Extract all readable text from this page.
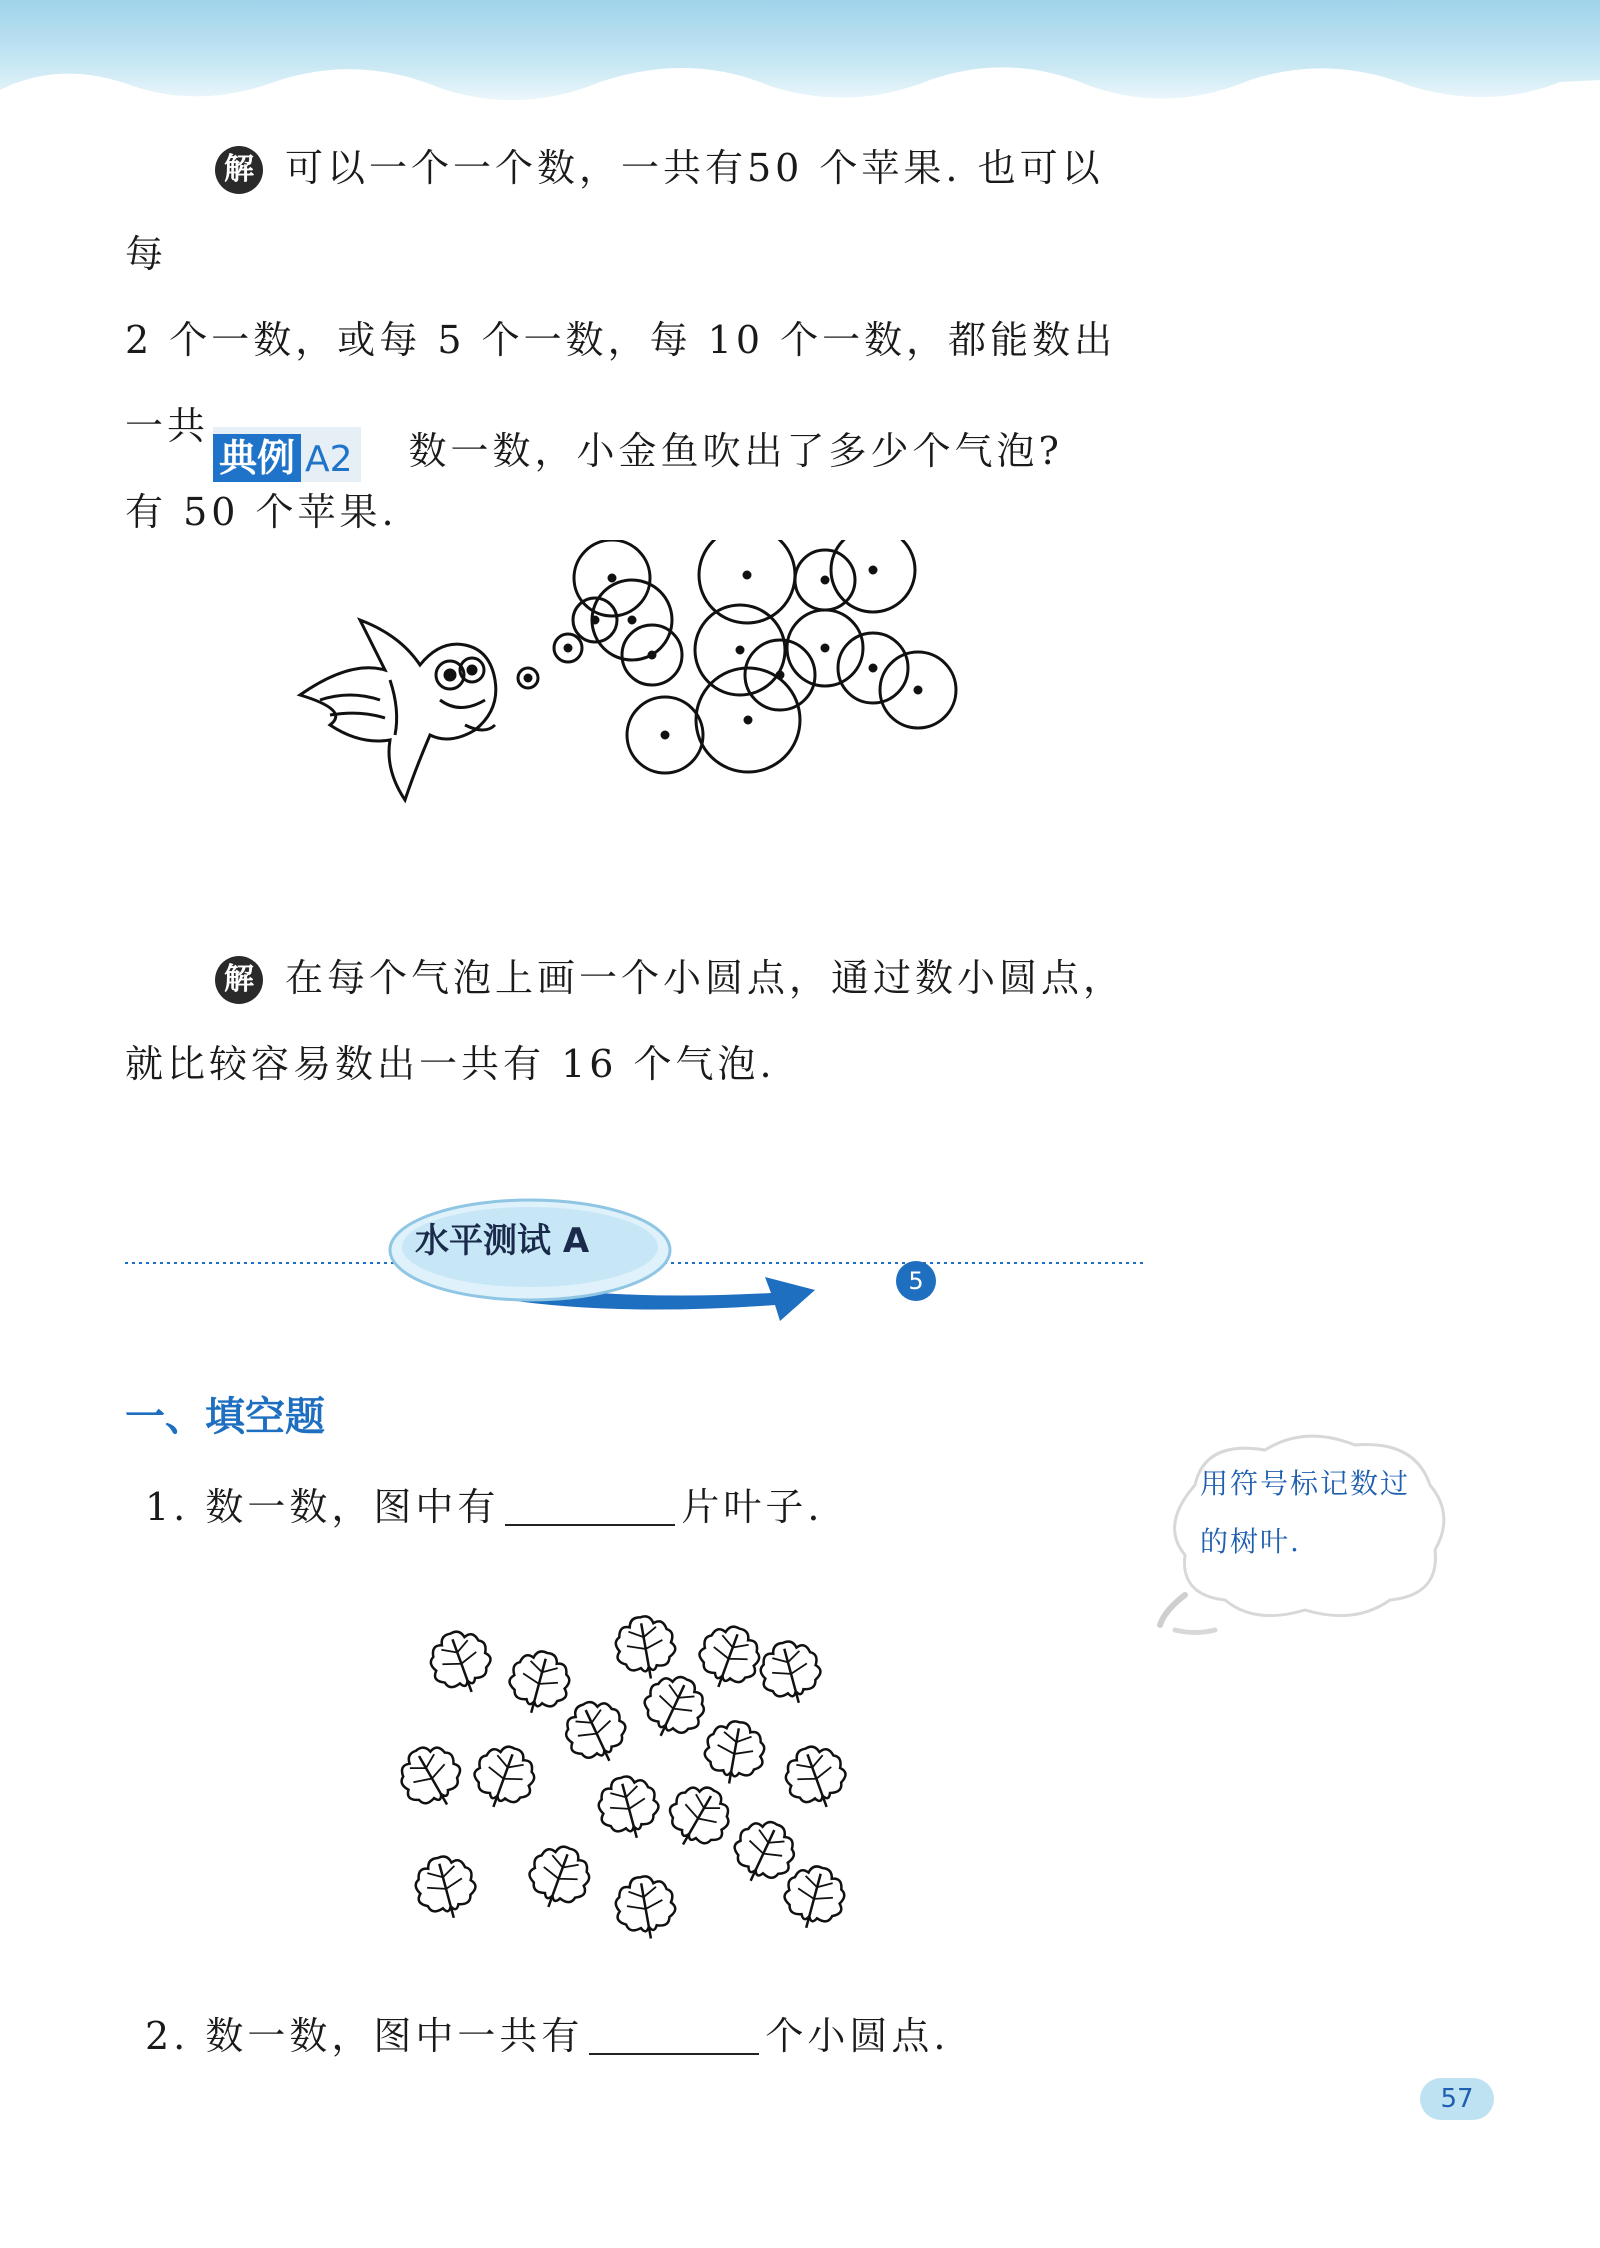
解 可以一个一个数，一共有50 个苹果. 也可以每
2 个一数，或每 5 个一数，每 10 个一数，都能数出一共
有 50 个苹果.
典例 A2 数一数，小金鱼吹出了多少个气泡?
解 在每个气泡上画一个小圆点，通过数小圆点，
就比较容易数出一共有 16 个气泡.
水平测试 A
5
一、填空题
1. 数一数，图中有	片叶子.
用符号标记数过
的树叶.
2. 数一数，图中一共有	个小圆点.
57
